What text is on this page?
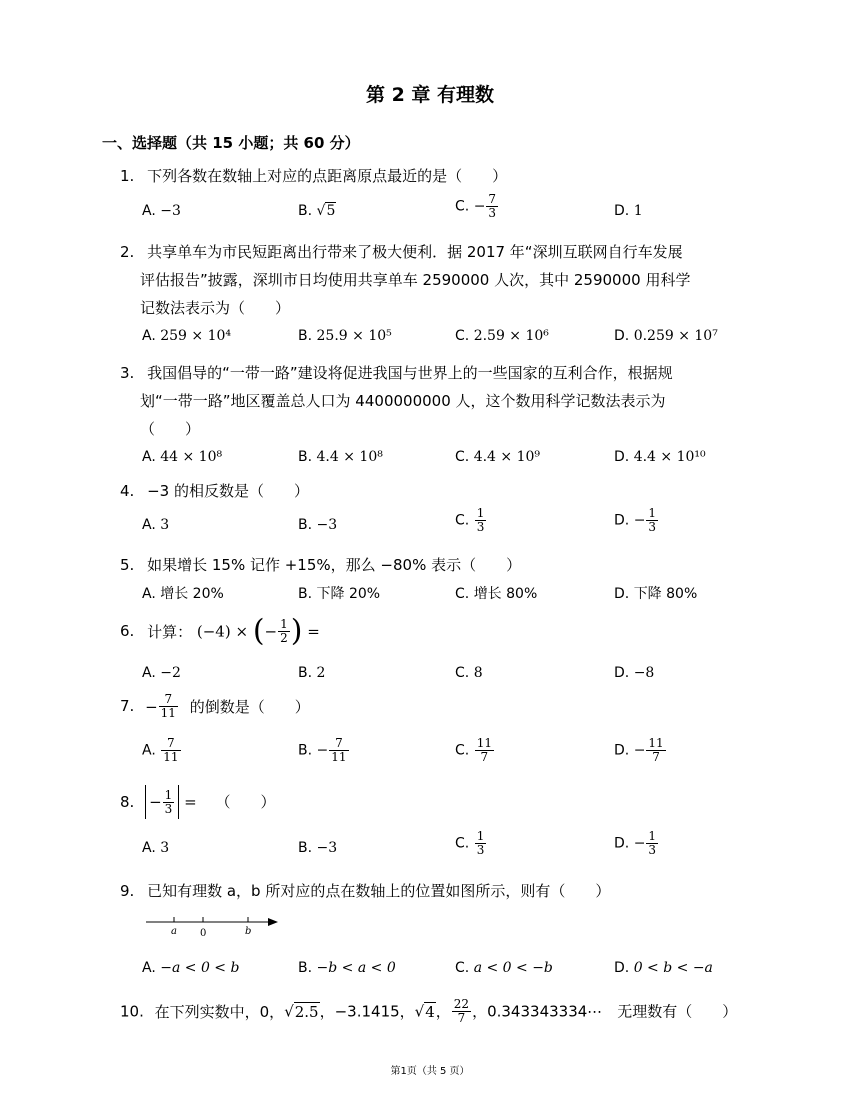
第 2 章 有理数
一、选择题（共 15 小题；共 60 分）
1. 下列各数在数轴上对应的点距离原点最近的是（　　）
A. −3	B. √5	C. − $\frac{7}{3}$	D. 1
2. 共享单车为市民短距离出行带来了极大便利．据 2017 年“深圳互联网自行车发展
评估报告”披露，深圳市日均使用共享单车 2590000 人次，其中 2590000 用科学
记数法表示为（　　）
A. 259 × 10⁴	B. 25.9 × 10⁵	C. 2.59 × 10⁶	D. 0.259 × 10⁷
3. 我国倡导的“一带一路”建设将促进我国与世界上的一些国家的互利合作，根据规
划“一带一路”地区覆盖总人口为 4400000000 人，这个数用科学记数法表示为
（　　）
A. 44 × 10⁸	B. 4.4 × 10⁸	C. 4.4 × 10⁹	D. 4.4 × 10¹⁰
4. −3 的相反数是（　　）
A. 3	B. −3	C. $\frac{1}{3}$	D. − $\frac{1}{3}$
5. 如果增长 15% 记作 +15%，那么 −80% 表示（　　）
A. 增长 20%	B. 下降 20%	C. 增长 80%	D. 下降 80%
6. 计算： (−4) × (− $\frac{1}{2}$ ) =
A. −2	B. 2	C. 8	D. −8
7. − $\frac{7}{11}$ 的倒数是（　　）
A. $\frac{7}{11}$	B. − $\frac{7}{11}$	C. $\frac{11}{7}$	D. − $\frac{11}{7}$
8. − $\frac{1}{3}$ = （　　）
A. 3	B. −3	C. $\frac{1}{3}$	D. − $\frac{1}{3}$
9. 已知有理数 a，b 所对应的点在数轴上的位置如图所示，则有（　　）
a 0	b
A. −a < 0 < b	B. −b < a < 0	C. a < 0 < −b	D. 0 < b < −a
10. 在下列实数中，0，√2.5，−3.1415，√4， $\frac{22}{7}$ ，0.343343334⋯　无理数有（　　）
第1页（共 5 页）
